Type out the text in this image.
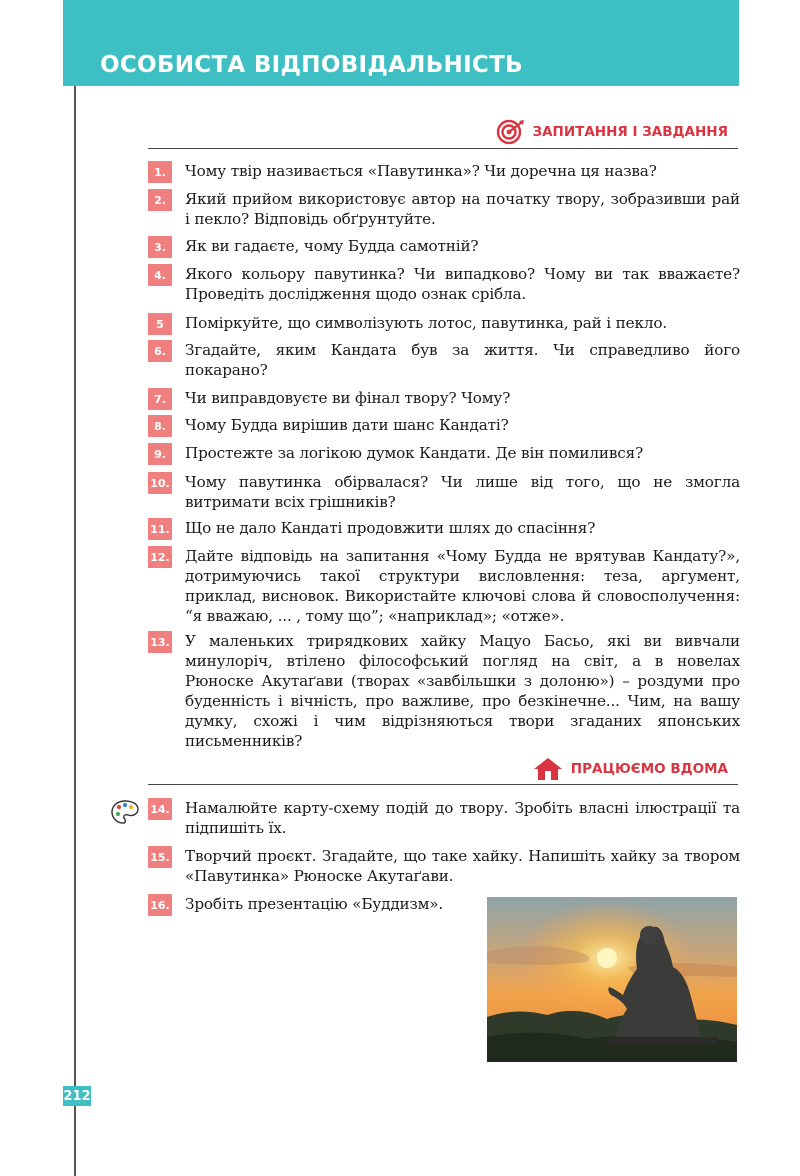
ОСОБИСТА ВІДПОВІДАЛЬНІСТЬ
ЗАПИТАННЯ І ЗАВДАННЯ
1.	Чому твір називається «Павутинка»? Чи доречна ця назва?
2.	Який прийом використовує автор на початку твору, зобразивши рай і пекло? Відповідь обґрунтуйте.
3.	Як ви гадаєте, чому Будда самотній?
4.	Якого кольору павутинка? Чи випадково? Чому ви так вважаєте? Проведіть дослідження щодо ознак срібла.
5	Поміркуйте, що символізують лотос, павутинка, рай і пекло.
6.	Згадайте, яким Кандата був за життя. Чи справедливо його покарано?
7.	Чи виправдовуєте ви фінал твору? Чому?
8.	Чому Будда вирішив дати шанс Кандаті?
9.	Простежте за логікою думок Кандати. Де він помилився?
10. Чому павутинка обірвалася? Чи лише від того, що не змогла витримати всіх грішників?
11. Що не дало Кандаті продовжити шлях до спасіння?
12. Дайте відповідь на запитання «Чому Будда не врятував Кандату?», дотримуючись такої структури висловлення: теза, аргумент, приклад, висновок. Використайте ключові слова й словосполучення: “я вважаю, ... , тому що”; «наприклад»; «отже».
13. У маленьких трирядкових хайку Мацуо Басьо, які ви вивчали минулоріч, втілено філософський погляд на світ, а в новелах Рюноске Акутаґави (творах «завбільшки з долоню») – роздуми про буденність і вічність, про важливе, про безкінечне... Чим, на вашу думку, схожі і чим відрізняються твори згаданих японських письменників?
ПРАЦЮЄМО ВДОМА
14. Намалюйте карту-схему подій до твору. Зробіть власні ілюстрації та підпишіть їх.
15. Творчий проєкт. Згадайте, що таке хайку. Напишіть хайку за твором «Павутинка» Рюноске Акутаґави.
16. Зробіть презентацію «Буддизм».
212
